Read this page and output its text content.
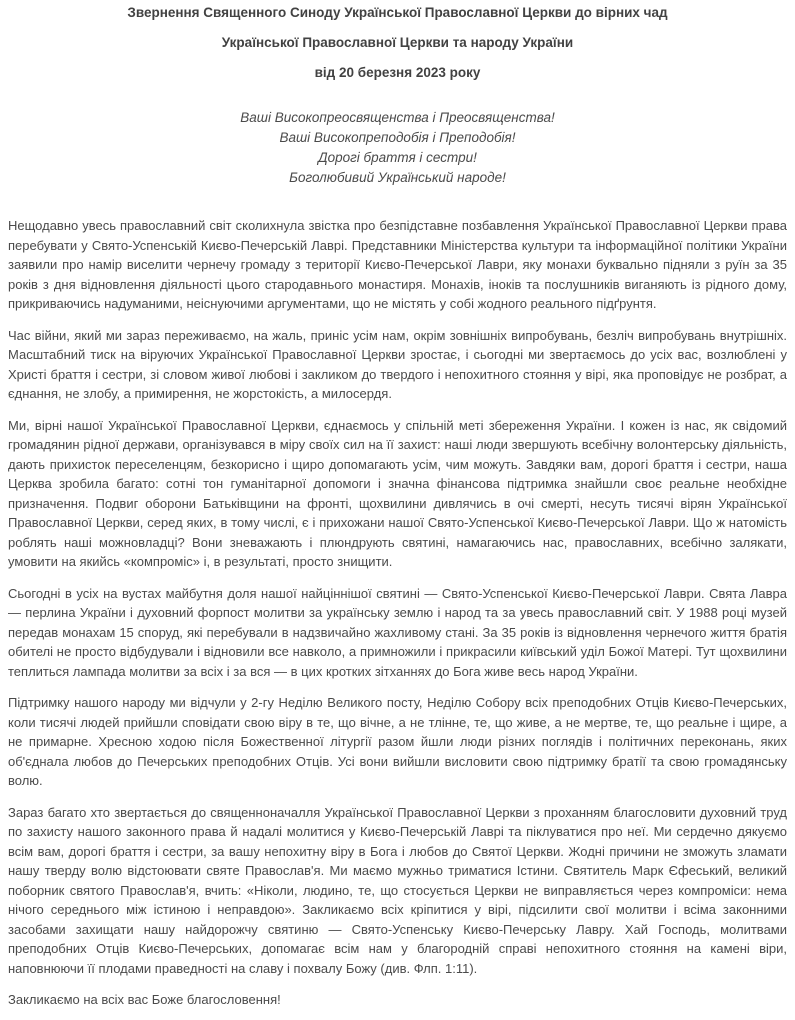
Звернення Священного Синоду Української Православної Церкви до вірних чад

Української Православної Церкви та народу України

від 20 березня 2023 року

Ваші Високопреосвященства і Преосвященства!

Ваші Високопреподобія і Преподобія!

Дорогі браття і сестри!

Боголюбивий Український народе!

Нещодавно увесь православний світ сколихнула звістка про безпідставне позбавлення Української Православної Церкви права перебувати у Свято-Успенській Києво-Печерській Лаврі. Представники Міністерства культури та інформаційної політики України заявили про намір виселити чернечу громаду з території Києво-Печерської Лаври, яку монахи буквально підняли з руїн за 35 років з дня відновлення діяльності цього стародавнього монастиря. Монахів, іноків та послушників виганяють із рідного дому, прикриваючись надуманими, неіснуючими аргументами, що не містять у собі жодного реального підґрунтя.

Час війни, який ми зараз переживаємо, на жаль, приніс усім нам, окрім зовнішніх випробувань, безліч випробувань внутрішніх. Масштабний тиск на віруючих Української Православної Церкви зростає, і сьогодні ми звертаємось до усіх вас, возлюблені у Христі браття і сестри, зі словом живої любові і закликом до твердого і непохитного стояння у вірі, яка проповідує не розбрат, а єднання, не злобу, а примирення, не жорстокість, а милосердя.

Ми, вірні нашої Української Православної Церкви, єднаємось у спільній меті збереження України. І кожен із нас, як свідомий громадянин рідної держави, організувався в міру своїх сил на її захист: наші люди звершують всебічну волонтерську діяльність, дають прихисток переселенцям, безкорисно і щиро допомагають усім, чим можуть. Завдяки вам, дорогі браття і сестри, наша Церква зробила багато: сотні тон гуманітарної допомоги і значна фінансова підтримка знайшли своє реальне необхідне призначення. Подвиг оборони Батьківщини на фронті, щохвилини дивлячись в очі смерті, несуть тисячі вірян Української Православної Церкви, серед яких, в тому числі, є і прихожани нашої Свято-Успенської Києво-Печерської Лаври. Що ж натомість роблять наші можновладці? Вони зневажають і плюндрують святині, намагаючись нас, православних, всебічно залякати, умовити на якийсь «компроміс» і, в результаті, просто знищити.

Сьогодні в усіх на вустах майбутня доля нашої найціннішої святині — Свято-Успенської Києво-Печерської Лаври. Свята Лавра — перлина України і духовний форпост молитви за українську землю і народ та за увесь православний світ. У 1988 році музей передав монахам 15 споруд, які перебували в надзвичайно жахливому стані. За 35 років із відновлення чернечого життя братія обителі не просто відбудували і відновили все навколо, а примножили і прикрасили київський уділ Божої Матері. Тут щохвилини теплиться лампада молитви за всіх і за вся — в цих кротких зітханнях до Бога живе весь народ України.

Підтримку нашого народу ми відчули у 2-гу Неділю Великого посту, Неділю Собору всіх преподобних Отців Києво-Печерських, коли тисячі людей прийшли сповідати свою віру в те, що вічне, а не тлінне, те, що живе, а не мертве, те, що реальне і щире, а не примарне. Хресною ходою після Божественної літургії разом йшли люди різних поглядів і політичних переконань, яких об'єднала любов до Печерських преподобних Отців. Усі вони вийшли висловити свою підтримку братії та свою громадянську волю.

Зараз багато хто звертається до священноначалля Української Православної Церкви з проханням благословити духовний труд по захисту нашого законного права й надалі молитися у Києво-Печерській Лаврі та піклуватися про неї. Ми сердечно дякуємо всім вам, дорогі браття і сестри, за вашу непохитну віру в Бога і любов до Святої Церкви. Жодні причини не зможуть зламати нашу тверду волю відстоювати святе Православ'я. Ми маємо мужньо триматися Істини. Святитель Марк Єфеський, великий поборник святого Православ'я, вчить: «Ніколи, людино, те, що стосується Церкви не виправляється через компроміси: нема нічого середнього між істиною і неправдою». Закликаємо всіх кріпитися у вірі, підсилити свої молитви і всіма законними засобами захищати нашу найдорожчу святиню — Свято-Успенську Києво-Печерську Лавру. Хай Господь, молитвами преподобних Отців Києво-Печерських, допомагає всім нам у благородній справі непохитного стояння на камені віри, наповнюючи її плодами праведності на славу і похвалу Божу (див. Флп. 1:11).

Закликаємо на всіх вас Боже благословення!
